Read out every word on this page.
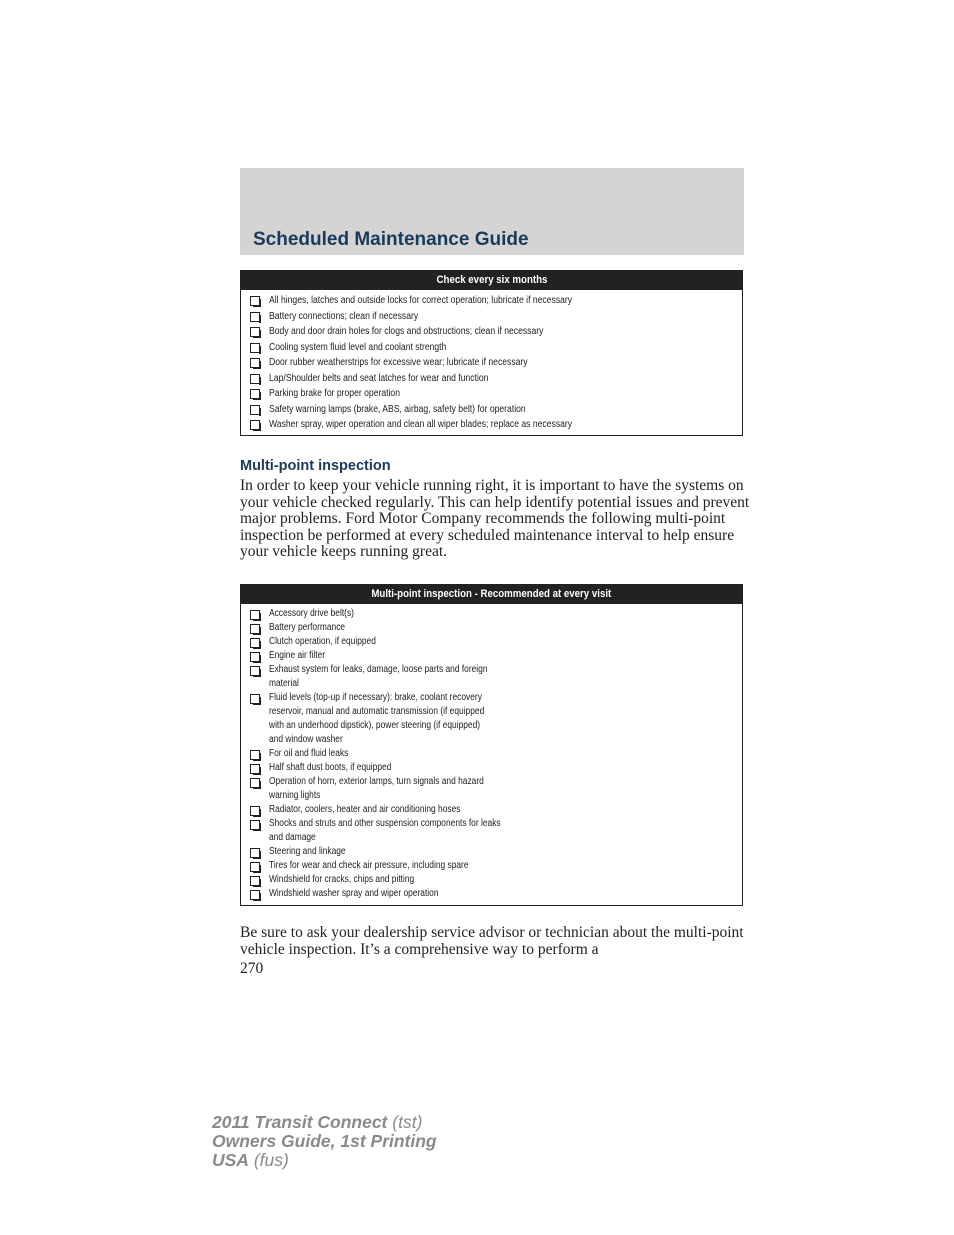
Scheduled Maintenance Guide
Check every six months
All hinges, latches and outside locks for correct operation; lubricate if necessary
Battery connections; clean if necessary
Body and door drain holes for clogs and obstructions; clean if necessary
Cooling system fluid level and coolant strength
Door rubber weatherstrips for excessive wear; lubricate if necessary
Lap/Shoulder belts and seat latches for wear and function
Parking brake for proper operation
Safety warning lamps (brake, ABS, airbag, safety belt) for operation
Washer spray, wiper operation and clean all wiper blades; replace as necessary
Multi-point inspection

In order to keep your vehicle running right, it is important to have the systems on your vehicle checked regularly. This can help identify potential issues and prevent major problems. Ford Motor Company recommends the following multi-point inspection be performed at every scheduled maintenance interval to help ensure your vehicle keeps running great.

Multi-point inspection - Recommended at every visit
Accessory drive belt(s)
Battery performance
Clutch operation, if equipped
Engine air filter
Exhaust system for leaks, damage, loose parts and foreign
material
Fluid levels (top-up if necessary): brake, coolant recovery
reservoir, manual and automatic transmission (if equipped
with an underhood dipstick), power steering (if equipped)
and window washer
For oil and fluid leaks
Half shaft dust boots, if equipped
Operation of horn, exterior lamps, turn signals and hazard
warning lights
Radiator, coolers, heater and air conditioning hoses
Shocks and struts and other suspension components for leaks
and damage
Steering and linkage
Tires for wear and check air pressure, including spare
Windshield for cracks, chips and pitting
Windshield washer spray and wiper operation

Be sure to ask your dealership service advisor or technician about the multi-point vehicle inspection. It’s a comprehensive way to perform a

270
2011 Transit Connect (tst)
Owners Guide, 1st Printing
USA (fus)
